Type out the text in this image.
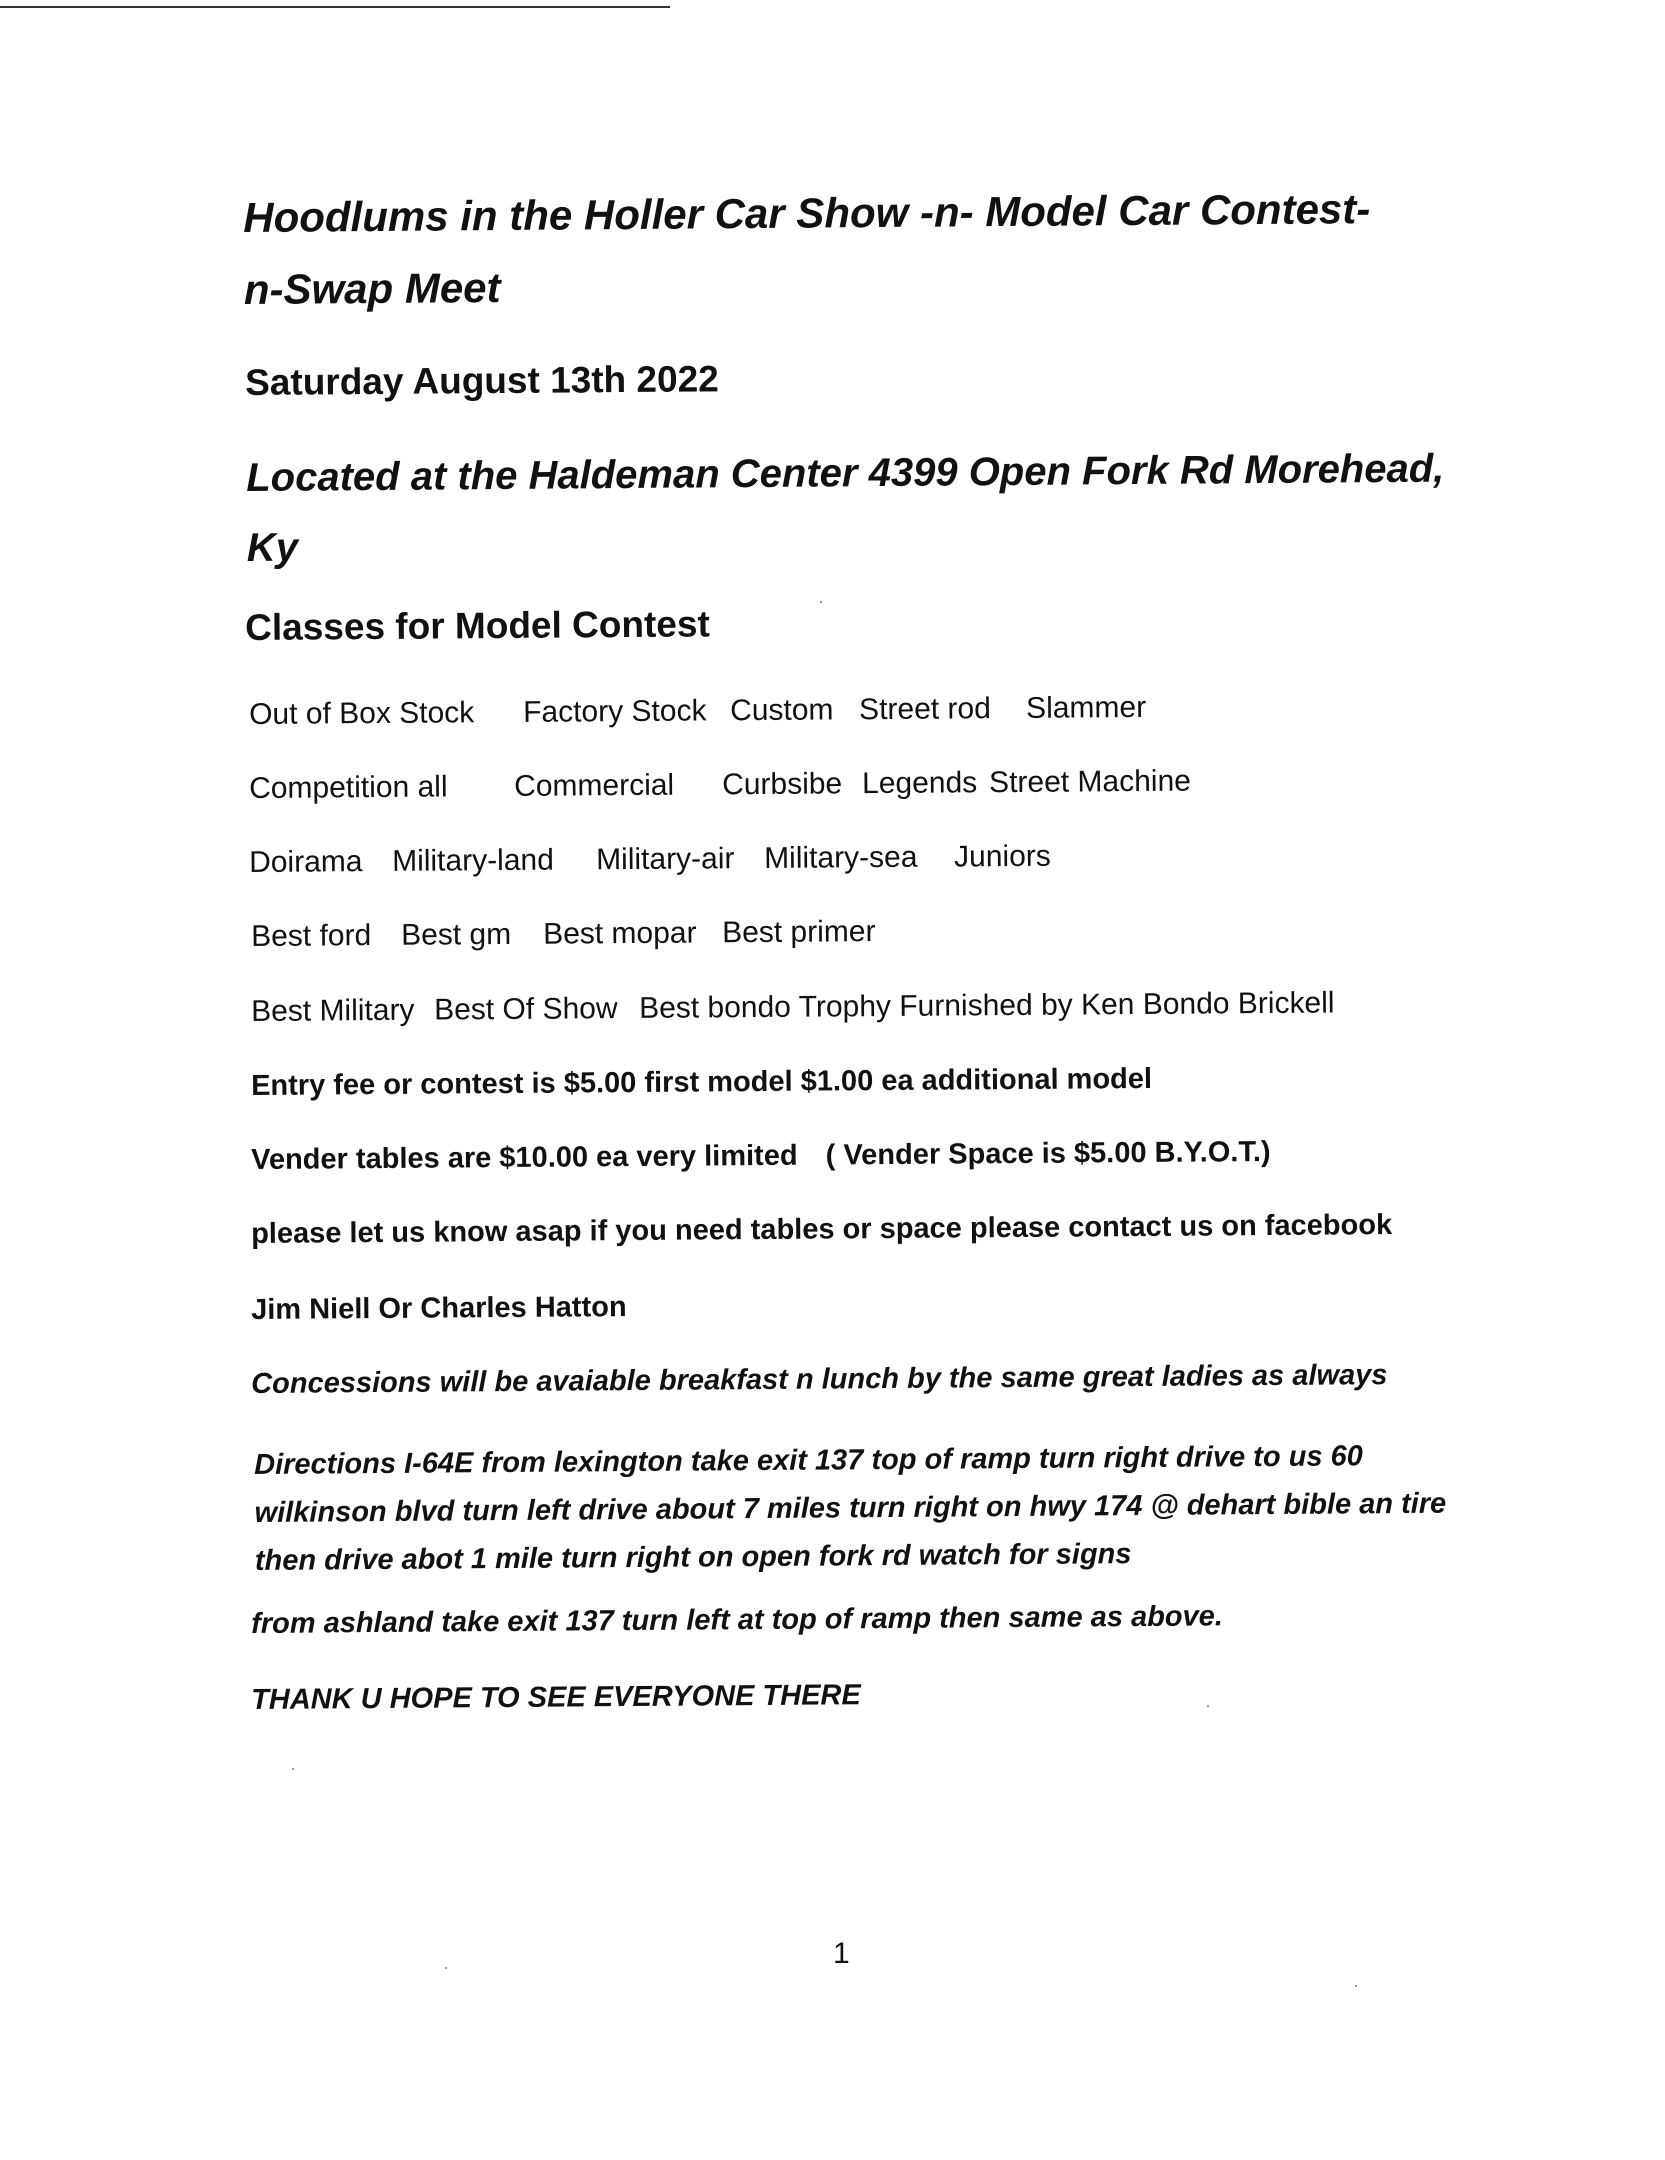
Hoodlums in the Holler Car Show -n- Model Car Contest-
n-Swap Meet
Saturday August 13th 2022
Located at the Haldeman Center 4399 Open Fork Rd Morehead,
Ky
Classes for Model Contest
Out of Box Stock Factory Stock Custom Street rod Slammer
Competition all Commercial Curbsibe Legends Street Machine
Doirama Military-land Military-air Military-sea Juniors
Best ford Best gm Best mopar Best primer
Best Military Best Of Show Best bondo Trophy Furnished by Ken Bondo Brickell
Entry fee or contest is $5.00 first model $1.00 ea additional model
Vender tables are $10.00 ea very limited ( Vender Space is $5.00 B.Y.O.T.)
please let us know asap if you need tables or space please contact us on facebook
Jim Niell Or Charles Hatton
Concessions will be avaiable breakfast n lunch by the same great ladies as always
Directions I-64E from lexington take exit 137 top of ramp turn right drive to us 60
wilkinson blvd turn left drive about 7 miles turn right on hwy 174 @ dehart bible an tire
then drive abot 1 mile turn right on open fork rd watch for signs
from ashland take exit 137 turn left at top of ramp then same as above.
THANK U HOPE TO SEE EVERYONE THERE
1
